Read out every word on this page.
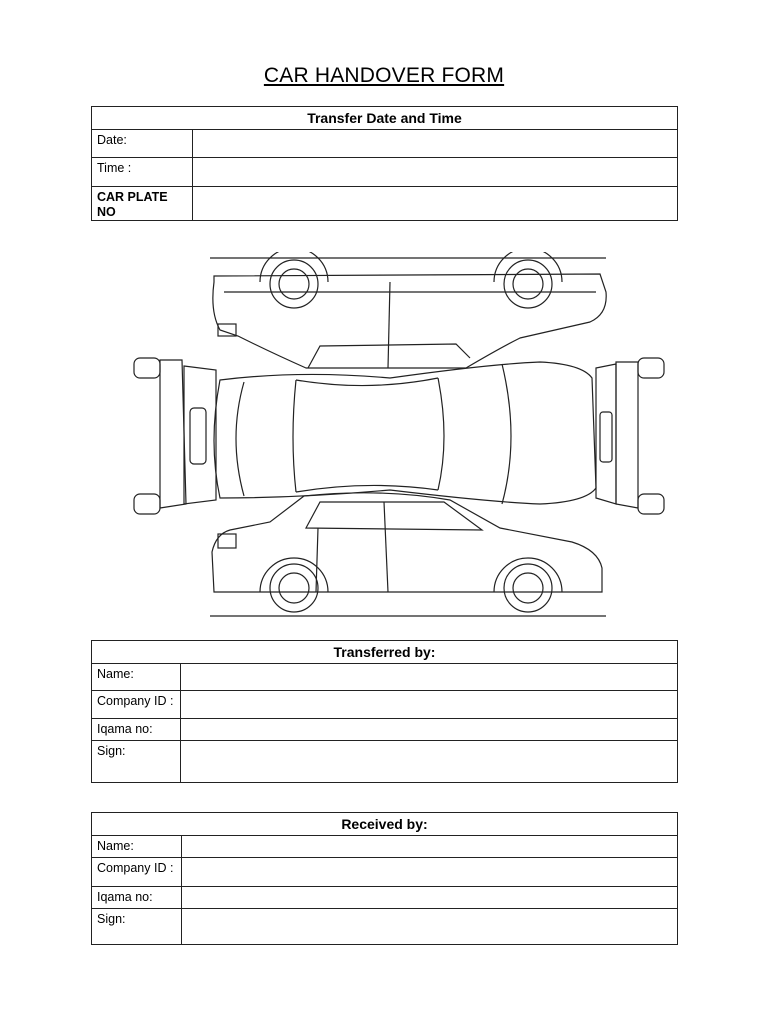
CAR HANDOVER FORM
Transfer Date and Time	
Date:	
Time :	
CAR PLATE NO	
Transferred by:	
Name:	
Company ID :	
Iqama no:	
Sign:	
Received by:	
Name:	
Company ID :	
Iqama no:	
Sign:	
